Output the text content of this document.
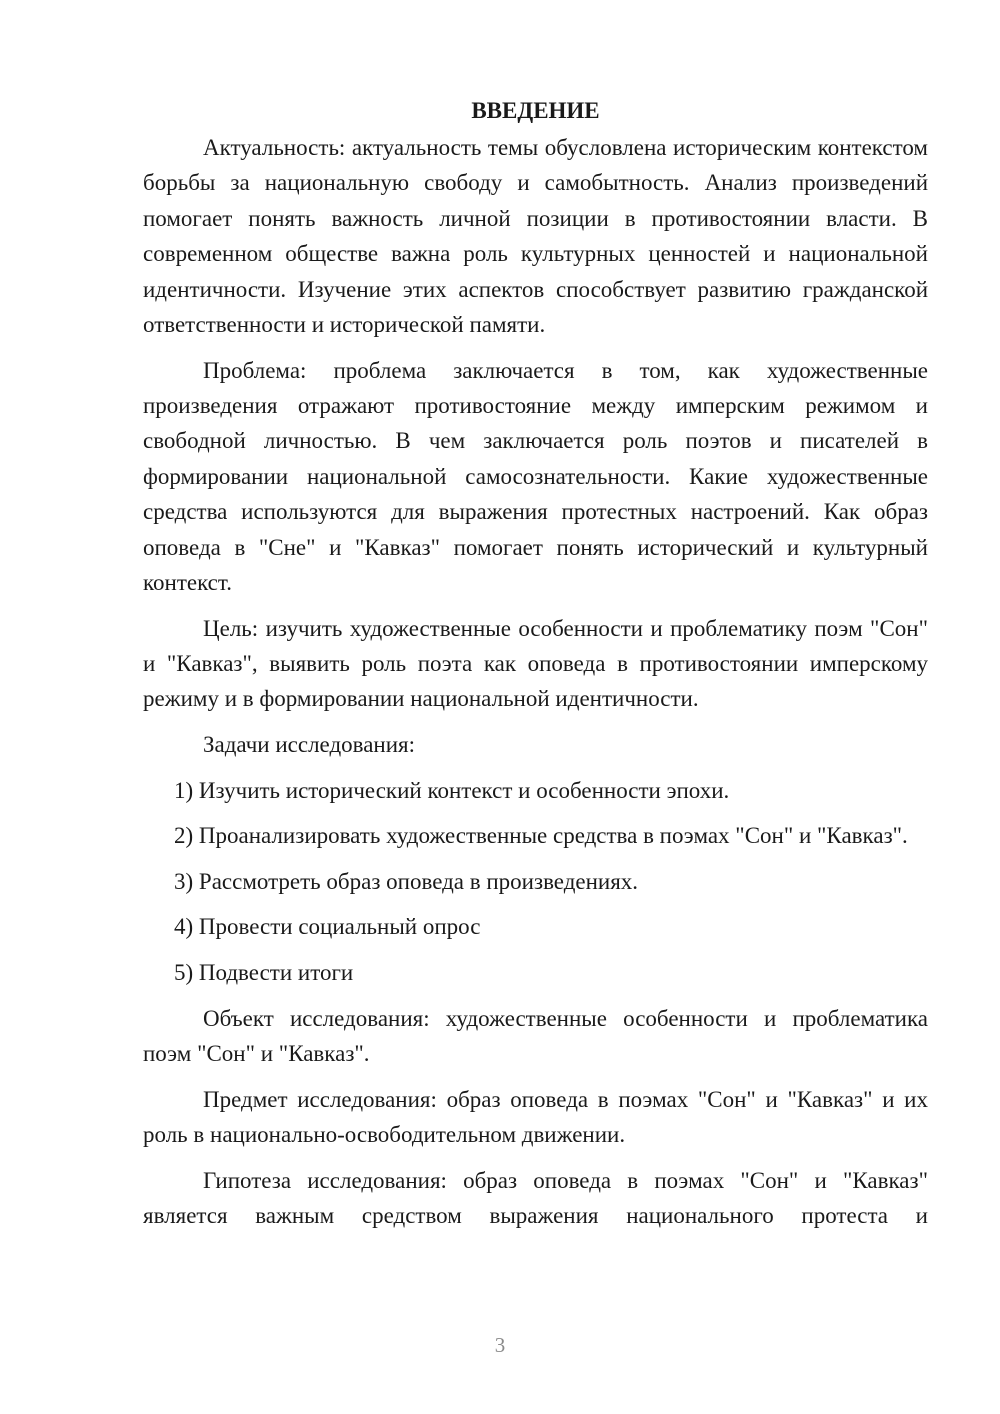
ВВЕДЕНИЕ

Актуальность: актуальность темы обусловлена историческим контекстом борьбы за национальную свободу и самобытность. Анализ произведений помогает понять важность личной позиции в противостоянии власти. В современном обществе важна роль культурных ценностей и национальной идентичности. Изучение этих аспектов способствует развитию гражданской ответственности и исторической памяти.

Проблема: проблема заключается в том, как художественные произведения отражают противостояние между имперским режимом и свободной личностью. В чем заключается роль поэтов и писателей в формировании национальной самосознательности. Какие художественные средства используются для выражения протестных настроений. Как образ оповеда в "Сне" и "Кавказ" помогает понять исторический и культурный контекст.

Цель: изучить художественные особенности и проблематику поэм "Сон" и "Кавказ", выявить роль поэта как оповеда в противостоянии имперскому режиму и в формировании национальной идентичности.

Задачи исследования:

1) Изучить исторический контекст и особенности эпохи.

2) Проанализировать художественные средства в поэмах "Сон" и "Кавказ".

3) Рассмотреть образ оповеда в произведениях.

4) Провести социальный опрос

5) Подвести итоги

Объект исследования: художественные особенности и проблематика поэм "Сон" и "Кавказ".

Предмет исследования: образ оповеда в поэмах "Сон" и "Кавказ" и их роль в национально-освободительном движении.

Гипотеза исследования: образ оповеда в поэмах "Сон" и "Кавказ" является важным средством выражения национального протеста и

3
